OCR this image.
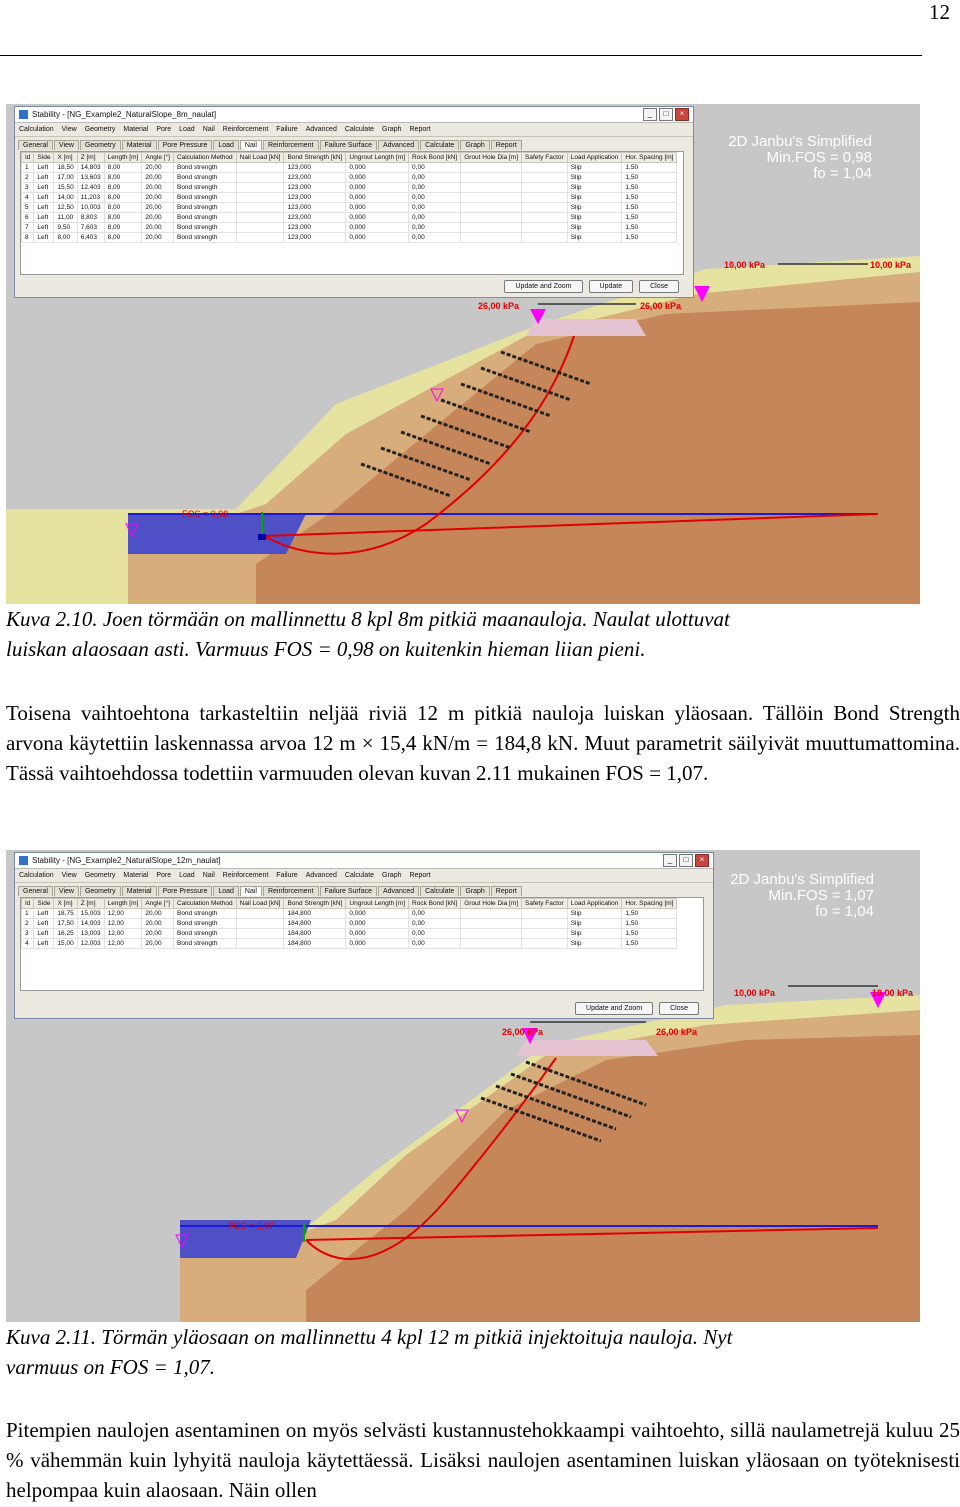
12
Stability - [NG_Example2_NaturalSlope_8m_naulat]	_	□	×
Calculation View Geometry Material Pore Load Nail Reinforcement Failure Advanced Calculate Graph Report
General	View	Geometry	Material	Pore Pressure	Load	Nail	Reinforcement	Failure Surface	Advanced	Calculate	Graph	Report
Id	Side	X [m]	Z [m]	Length [m]	Angle [°]	Calculation Method	Nail Load [kN]	Bond Strength [kN]	Ungrout Length [m]	Rock Bond [kN]	Grout Hole Dia [m]	Safety Factor	Load Application	Hor. Spacing [m]
1	Left	18,50	14,803	8,00	20,00	Bond strength		123,000	0,000	0,00			Slip	1,50
2	Left	17,00	13,603	8,00	20,00	Bond strength		123,000	0,000	0,00			Slip	1,50
3	Left	15,50	12,403	8,00	20,00	Bond strength		123,000	0,000	0,00			Slip	1,50
4	Left	14,00	11,203	8,00	20,00	Bond strength		123,000	0,000	0,00			Slip	1,50
5	Left	12,50	10,003	8,00	20,00	Bond strength		123,000	0,000	0,00			Slip	1,50
6	Left	11,00	8,803	8,00	20,00	Bond strength		123,000	0,000	0,00			Slip	1,50
7	Left	9,50	7,603	8,00	20,00	Bond strength		123,000	0,000	0,00			Slip	1,50
8	Left	8,00	6,403	8,00	20,00	Bond strength		123,000	0,000	0,00			Slip	1,50
Update and Zoom	Update	Close
2D Janbu's Simplified
Min.FOS = 0,98
fo = 1,04
10,00 kPa	10,00 kPa
26,00 kPa	26,00 kPa
FOS = 0,98
Kuva 2.10. Joen törmään on mallinnettu 8 kpl 8m pitkiä maanauloja. Naulat ulottuvat
luiskan alaosaan asti. Varmuus FOS = 0,98 on kuitenkin hieman liian pieni.
Toisena vaihtoehtona tarkasteltiin neljää riviä 12 m pitkiä nauloja luiskan yläosaan. Tällöin Bond Strength arvona käytettiin laskennassa arvoa 12 m × 15,4 kN/m = 184,8 kN. Muut parametrit säilyivät muuttumattomina. Tässä vaihtoehdossa todettiin varmuuden olevan kuvan 2.11 mukainen FOS = 1,07.
Stability - [NG_Example2_NaturalSlope_12m_naulat]	_	□	×
Calculation View Geometry Material Pore Load Nail Reinforcement Failure Advanced Calculate Graph Report
General	View	Geometry	Material	Pore Pressure	Load	Nail	Reinforcement	Failure Surface	Advanced	Calculate	Graph	Report
Id	Side	X [m]	Z [m]	Length [m]	Angle [°]	Calculation Method	Nail Load [kN]	Bond Strength [kN]	Ungrout Length [m]	Rock Bond [kN]	Grout Hole Dia [m]	Safety Factor	Load Application	Hor. Spacing [m]
1	Left	18,75	15,003	12,00	20,00	Bond strength		184,800	0,000	0,00			Slip	1,50
2	Left	17,50	14,003	12,00	20,00	Bond strength		184,800	0,000	0,00			Slip	1,50
3	Left	16,25	13,003	12,00	20,00	Bond strength		184,800	0,000	0,00			Slip	1,50
4	Left	15,00	12,003	12,00	20,00	Bond strength		184,800	0,000	0,00			Slip	1,50
Update and Zoom	Close
2D Janbu's Simplified
Min.FOS = 1,07
fo = 1,04
10,00 kPa	10,00 kPa
26,00 kPa	26,00 kPa
FOS = 1,07
Kuva 2.11. Törmän yläosaan on mallinnettu 4 kpl 12 m pitkiä injektoituja nauloja. Nyt
varmuus on FOS = 1,07.
Pitempien naulojen asentaminen on myös selvästi kustannustehokkaampi vaihtoehto, sillä naulametrejä kuluu 25 % vähemmän kuin lyhyitä nauloja käytettäessä. Lisäksi naulojen asentaminen luiskan yläosaan on työteknisesti helpompaa kuin alaosaan. Näin ollen
